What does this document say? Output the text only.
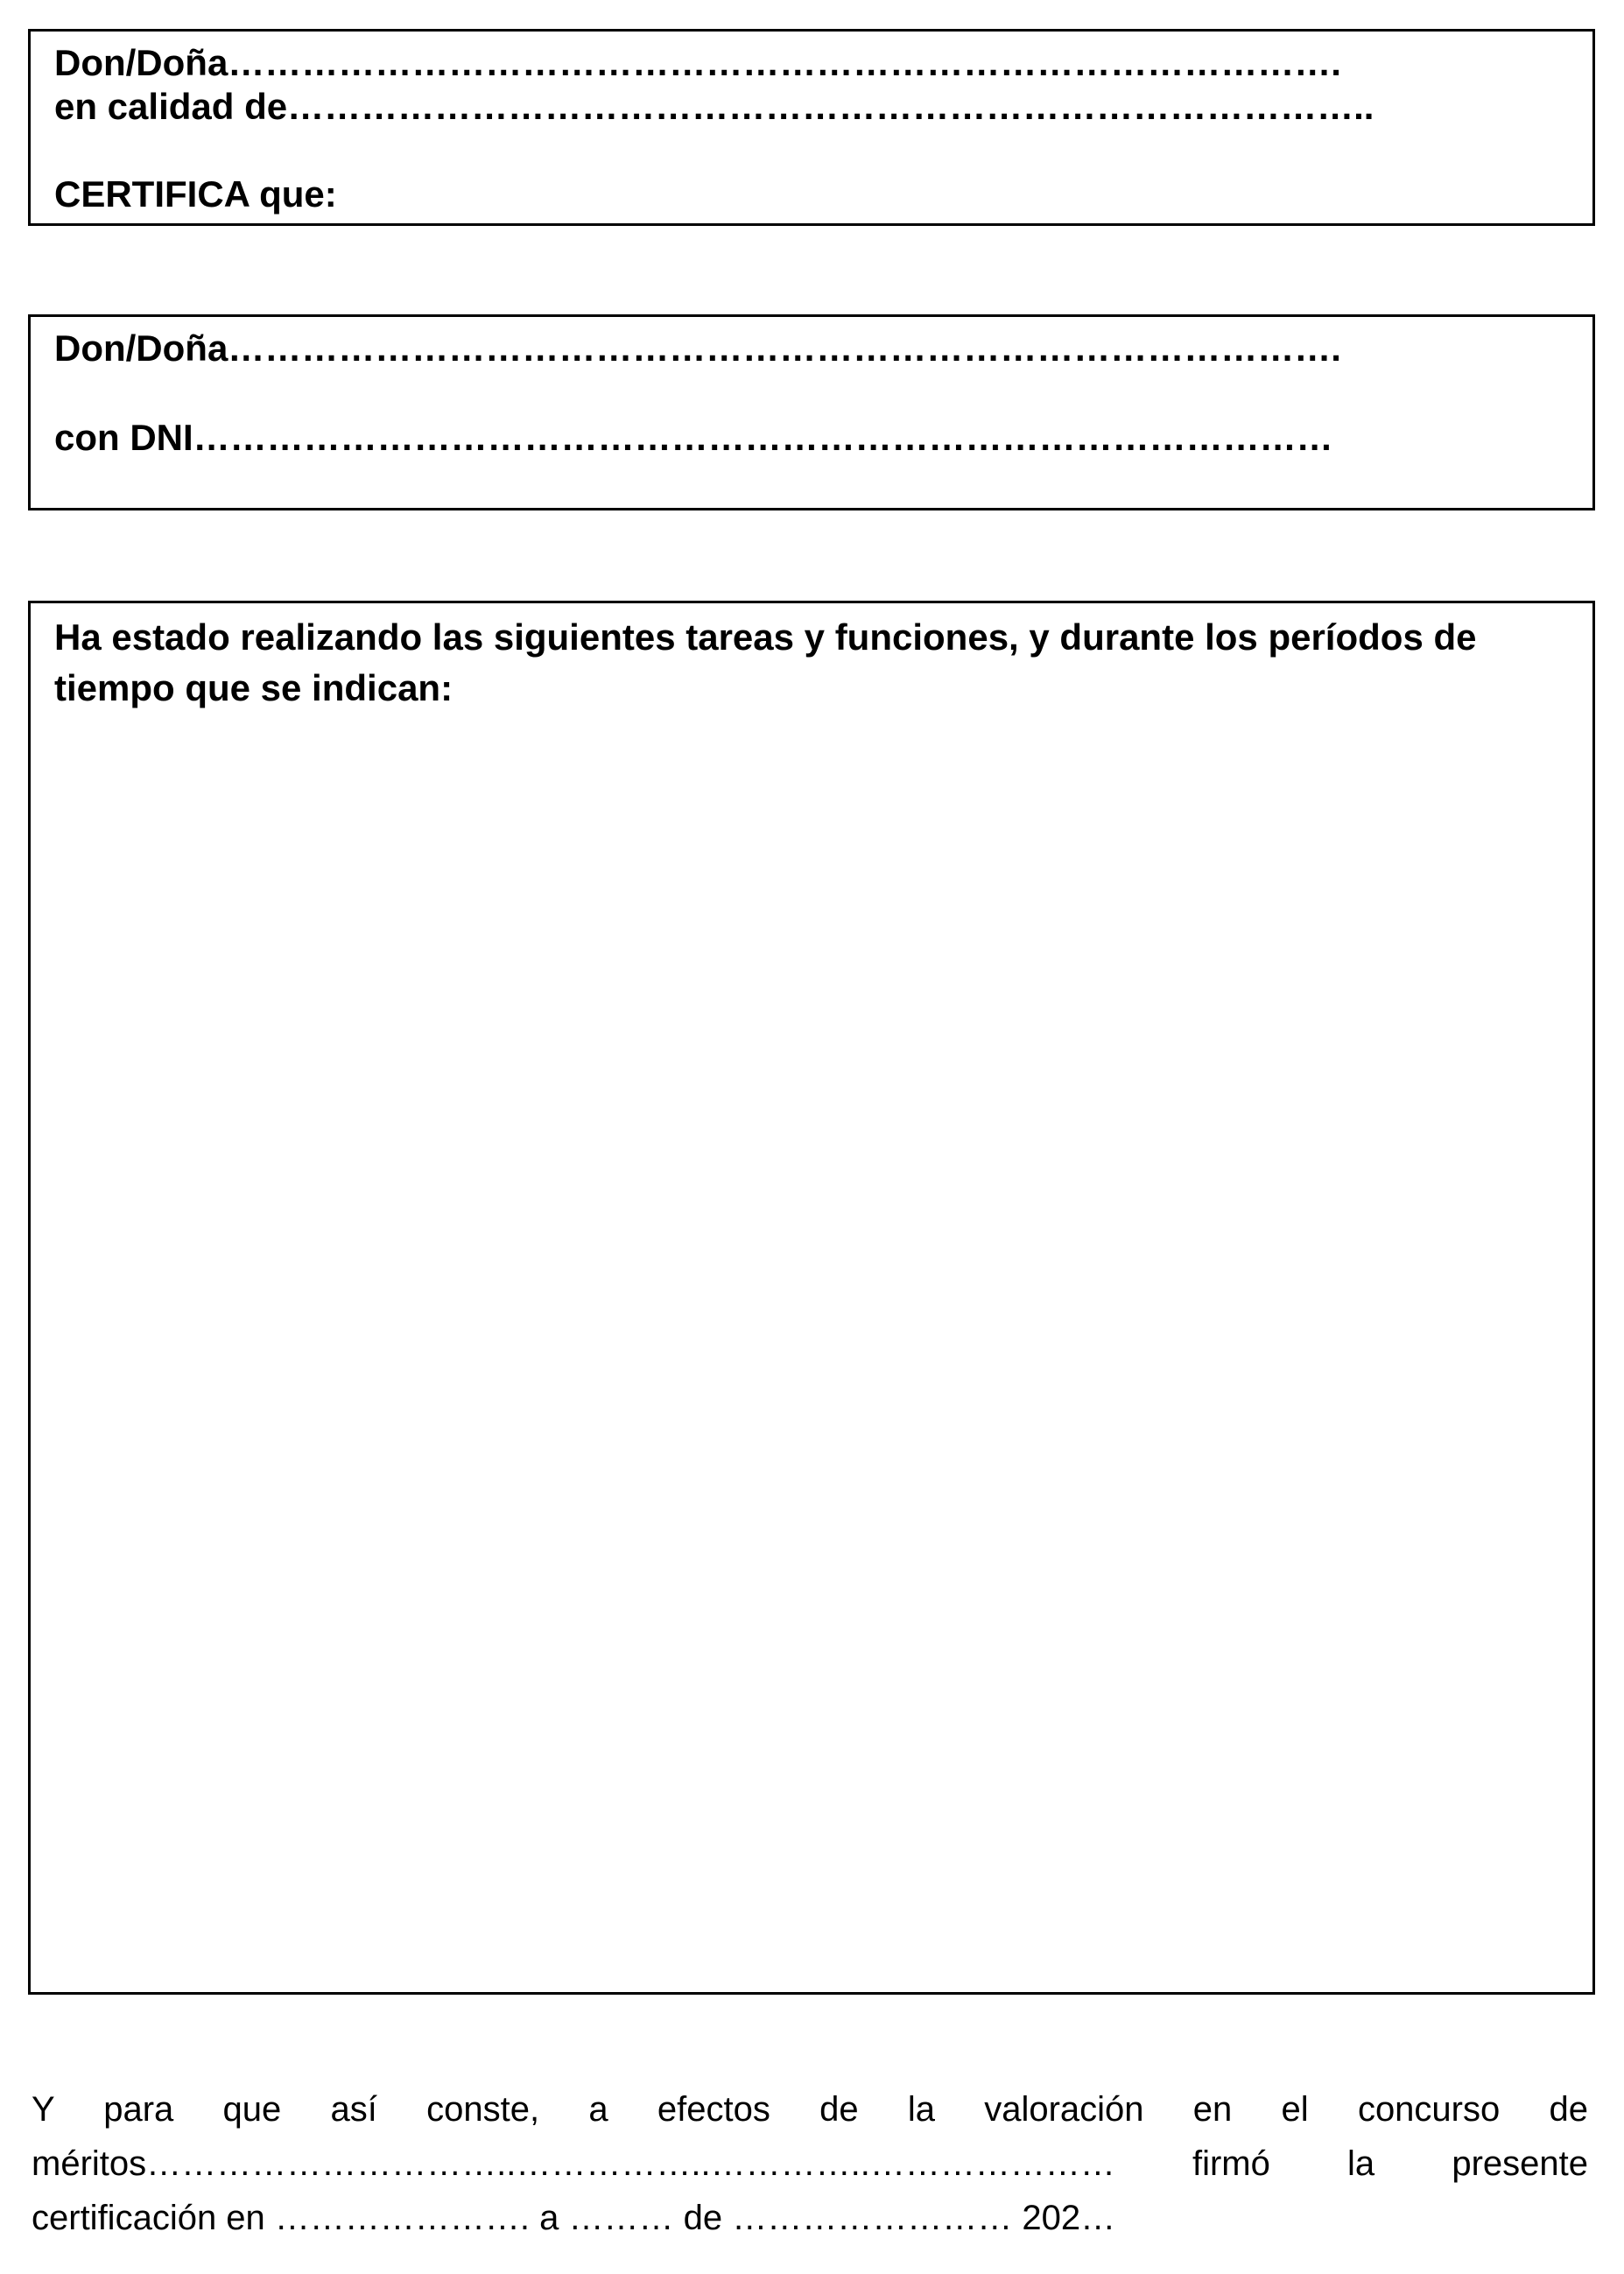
Don/Doña……………………………………………………………………………….
en calidad de……………………………………………………………………………..
CERTIFICA que:
Don/Doña……………………………………………………………………………….
con DNI…………………………………………………………………………………
Ha estado realizando las siguientes tareas y funciones, y durante los períodos de tiempo que se indican:
Y para que así conste, a efectos de la valoración en el concurso de
méritos…………………………..……………..…………..………………… firmó la presente
certificación en …………………. a ……… de …………………… 202…
